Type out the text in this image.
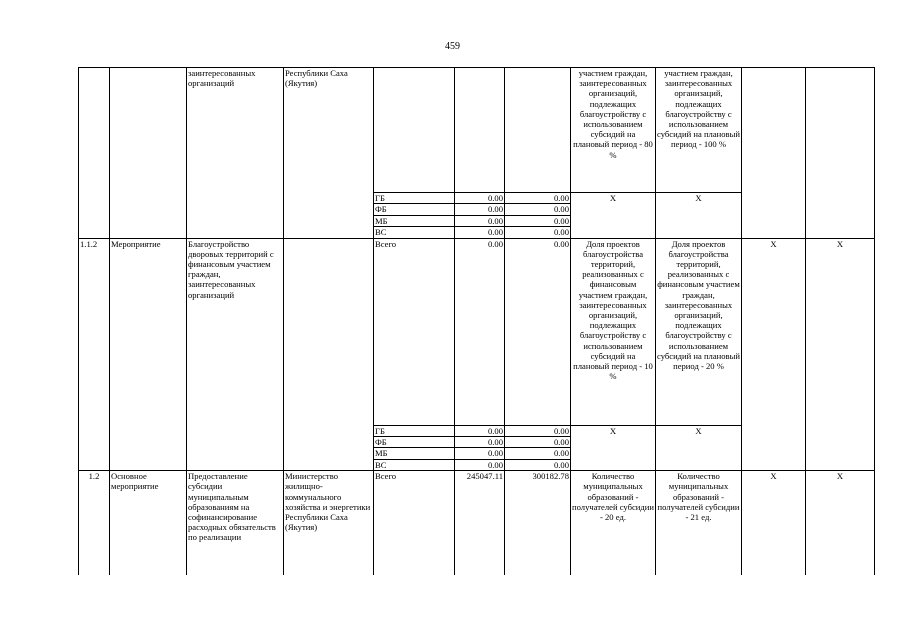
459
		заинтересованных организаций	Республики Саха (Якутия)				участием граждан, заинтересованных организаций, подлежащих благоустройству с использованием субсидий на плановый период - 80 %	участием граждан, заинтересованных организаций, подлежащих благоустройству с использованием субсидий на плановый период - 100 %		
				ГБ	0.00	0.00	Х	Х		
				ФБ	0.00	0.00				
				МБ	0.00	0.00				
				ВС	0.00	0.00				
1.1.2	Мероприятие	Благоустройство дворовых территорий с финансовым участием граждан, заинтересованных организаций		Всего	0.00	0.00	Доля проектов благоустройства территорий, реализованных с финансовым участием граждан, заинтересованных организаций, подлежащих благоустройству с использованием субсидий на плановый период - 10 %	Доля проектов благоустройства территорий, реализованных с финансовым участием граждан, заинтересованных организаций, подлежащих благоустройству с использованием субсидий на плановый период - 20 %	Х	Х
				ГБ	0.00	0.00	Х	Х		
				ФБ	0.00	0.00				
				МБ	0.00	0.00				
				ВС	0.00	0.00				
1.2	Основное мероприятие	Предоставление субсидии муниципальным образованиям на софинансирование расходных обязательств по реализации	Министерство жилищно-коммунального хозяйства и энергетики Республики Саха (Якутия)	Всего	245047.11	300182.78	Количество муниципальных образований - получателей субсидии - 20 ед.	Количество муниципальных образований - получателей субсидии - 21 ед.	Х	Х
